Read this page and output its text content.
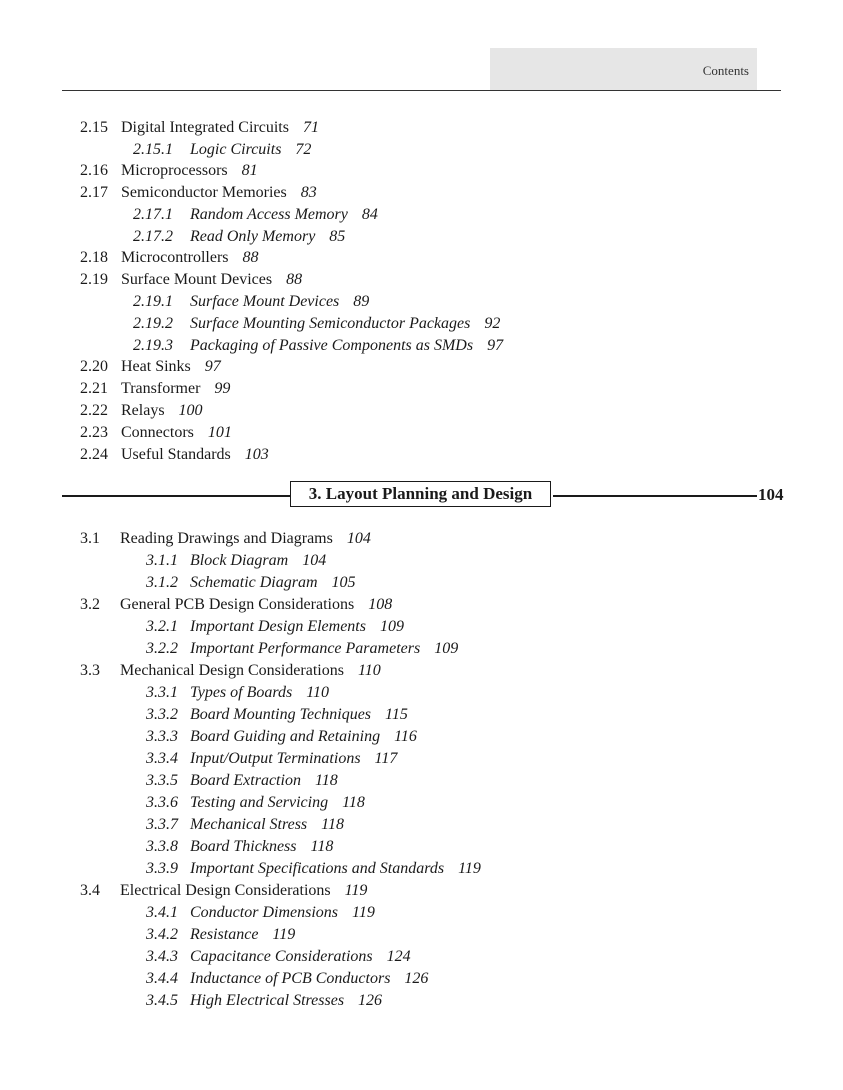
Contents
2.15 Digital Integrated Circuits 71
2.15.1 Logic Circuits 72
2.16 Microprocessors 81
2.17 Semiconductor Memories 83
2.17.1 Random Access Memory 84
2.17.2 Read Only Memory 85
2.18 Microcontrollers 88
2.19 Surface Mount Devices 88
2.19.1 Surface Mount Devices 89
2.19.2 Surface Mounting Semiconductor Packages 92
2.19.3 Packaging of Passive Components as SMDs 97
2.20 Heat Sinks 97
2.21 Transformer 99
2.22 Relays 100
2.23 Connectors 101
2.24 Useful Standards 103
3. Layout Planning and Design	104
3.1 Reading Drawings and Diagrams 104
3.1.1 Block Diagram 104
3.1.2 Schematic Diagram 105
3.2 General PCB Design Considerations 108
3.2.1 Important Design Elements 109
3.2.2 Important Performance Parameters 109
3.3 Mechanical Design Considerations 110
3.3.1 Types of Boards 110
3.3.2 Board Mounting Techniques 115
3.3.3 Board Guiding and Retaining 116
3.3.4 Input/Output Terminations 117
3.3.5 Board Extraction 118
3.3.6 Testing and Servicing 118
3.3.7 Mechanical Stress 118
3.3.8 Board Thickness 118
3.3.9 Important Specifications and Standards 119
3.4 Electrical Design Considerations 119
3.4.1 Conductor Dimensions 119
3.4.2 Resistance 119
3.4.3 Capacitance Considerations 124
3.4.4 Inductance of PCB Conductors 126
3.4.5 High Electrical Stresses 126
